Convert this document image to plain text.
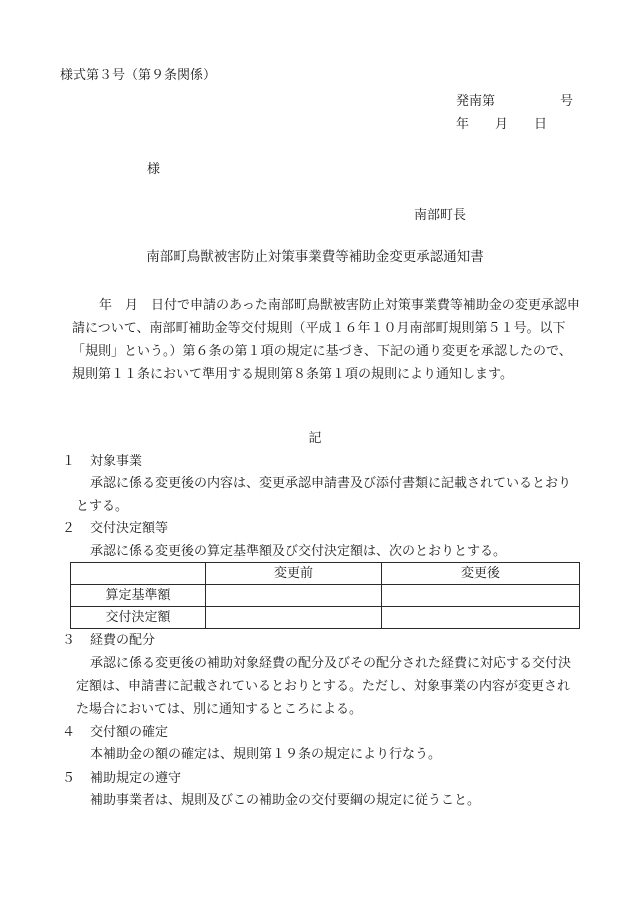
様式第３号（第９条関係）
発南第　　　　　号
年　　月　　日
様
南部町長
南部町鳥獣被害防止対策事業費等補助金変更承認通知書
年　月　日付で申請のあった南部町鳥獣被害防止対策事業費等補助金の変更承認申請について、南部町補助金等交付規則（平成１６年１０月南部町規則第５１号。以下「規則」という。）第６条の第１項の規定に基づき、下記の通り変更を承認したので、規則第１１条において準用する規則第８条第１項の規則により通知します。
記
１ 対象事業
承認に係る変更後の内容は、変更承認申請書及び添付書類に記載されているとおりとする。
２ 交付決定額等
承認に係る変更後の算定基準額及び交付決定額は、次のとおりとする。
	変更前	変更後
算定基準額		
交付決定額		
３ 経費の配分
承認に係る変更後の補助対象経費の配分及びその配分された経費に対応する交付決定額は、申請書に記載されているとおりとする。ただし、対象事業の内容が変更された場合においては、別に通知するところによる。
４ 交付額の確定
本補助金の額の確定は、規則第１９条の規定により行なう。
５ 補助規定の遵守
補助事業者は、規則及びこの補助金の交付要綱の規定に従うこと。
